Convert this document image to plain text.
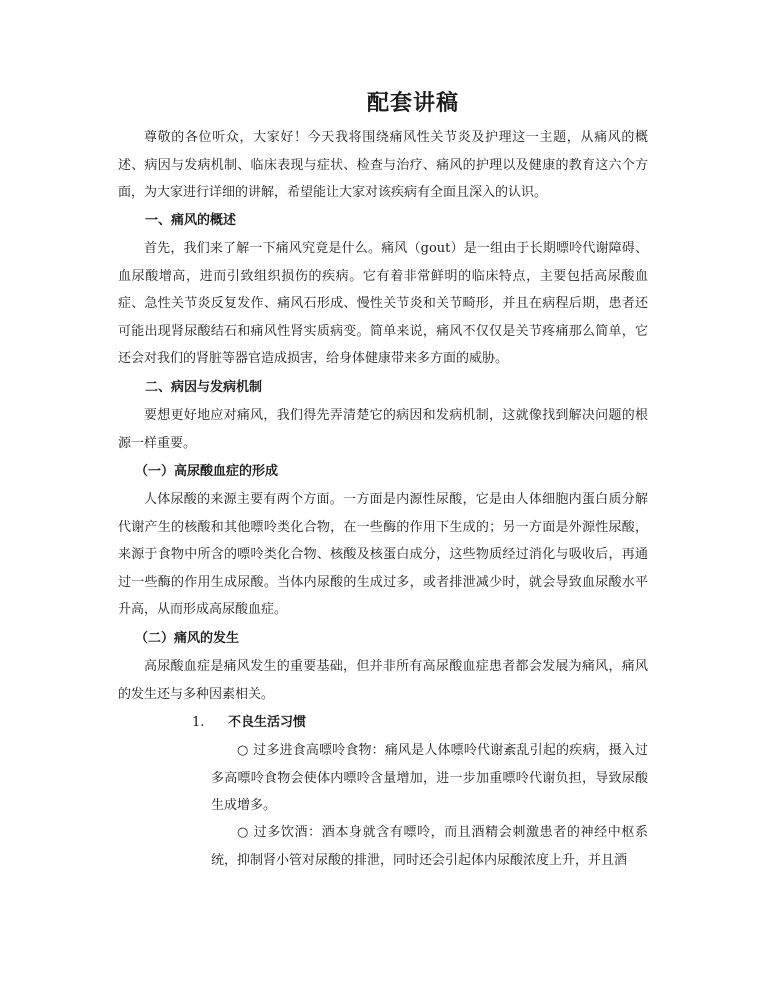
配套讲稿
尊敬的各位听众，大家好！今天我将围绕痛风性关节炎及护理这一主题，从痛风的概述、病因与发病机制、临床表现与症状、检查与治疗、痛风的护理以及健康的教育这六个方面，为大家进行详细的讲解，希望能让大家对该疾病有全面且深入的认识。
一、痛风的概述
首先，我们来了解一下痛风究竟是什么。痛风（gout）是一组由于长期嘌呤代谢障碍、血尿酸增高，进而引致组织损伤的疾病。它有着非常鲜明的临床特点，主要包括高尿酸血症、急性关节炎反复发作、痛风石形成、慢性关节炎和关节畸形，并且在病程后期，患者还可能出现肾尿酸结石和痛风性肾实质病变。简单来说，痛风不仅仅是关节疼痛那么简单，它还会对我们的肾脏等器官造成损害，给身体健康带来多方面的威胁。
二、病因与发病机制
要想更好地应对痛风，我们得先弄清楚它的病因和发病机制，这就像找到解决问题的根源一样重要。
（一）高尿酸血症的形成
人体尿酸的来源主要有两个方面。一方面是内源性尿酸，它是由人体细胞内蛋白质分解代谢产生的核酸和其他嘌呤类化合物，在一些酶的作用下生成的；另一方面是外源性尿酸，来源于食物中所含的嘌呤类化合物、核酸及核蛋白成分，这些物质经过消化与吸收后，再通过一些酶的作用生成尿酸。当体内尿酸的生成过多，或者排泄减少时，就会导致血尿酸水平升高，从而形成高尿酸血症。
（二）痛风的发生
高尿酸血症是痛风发生的重要基础，但并非所有高尿酸血症患者都会发展为痛风，痛风的发生还与多种因素相关。
1. 不良生活习惯
○ 过多进食高嘌呤食物：痛风是人体嘌呤代谢紊乱引起的疾病，摄入过多高嘌呤食物会使体内嘌呤含量增加，进一步加重嘌呤代谢负担，导致尿酸生成增多。
○ 过多饮酒：酒本身就含有嘌呤，而且酒精会刺激患者的神经中枢系统，抑制肾小管对尿酸的排泄，同时还会引起体内尿酸浓度上升，并且酒
